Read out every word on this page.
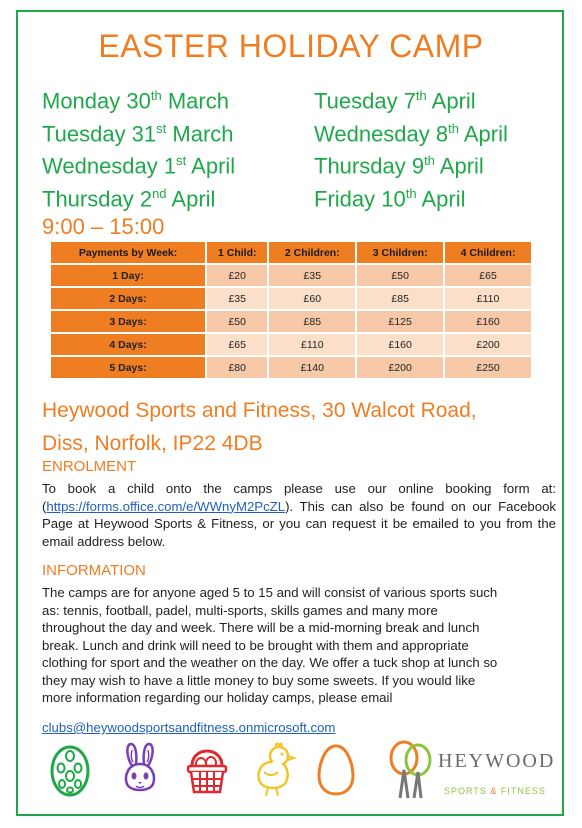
EASTER HOLIDAY CAMP
Monday 30th March
Tuesday 31st March
Wednesday 1st April
Thursday 2nd April
Tuesday 7th April
Wednesday 8th April
Thursday 9th April
Friday 10th April
9:00 – 15:00
Payments by Week:	1 Child:	2 Children:	3 Children:	4 Children:
1 Day:	£20	£35	£50	£65
2 Days:	£35	£60	£85	£110
3 Days:	£50	£85	£125	£160
4 Days:	£65	£110	£160	£200
5 Days:	£80	£140	£200	£250
Heywood Sports and Fitness, 30 Walcot Road,
Diss, Norfolk, IP22 4DB
ENROLMENT
To book a child onto the camps please use our online booking form at: (https://forms.office.com/e/WWnyM2PcZL). This can also be found on our Facebook Page at Heywood Sports & Fitness, or you can request it be emailed to you from the email address below.
INFORMATION
The camps are for anyone aged 5 to 15 and will consist of various sports such
as: tennis, football, padel, multi-sports, skills games and many more
throughout the day and week. There will be a mid-morning break and lunch
break. Lunch and drink will need to be brought with them and appropriate
clothing for sport and the weather on the day. We offer a tuck shop at lunch so
they may wish to have a little money to buy some sweets. If you would like
more information regarding our holiday camps, please email
clubs@heywoodsportsandfitness.onmicrosoft.com
HEYWOOD
SPORTS & FITNESS
